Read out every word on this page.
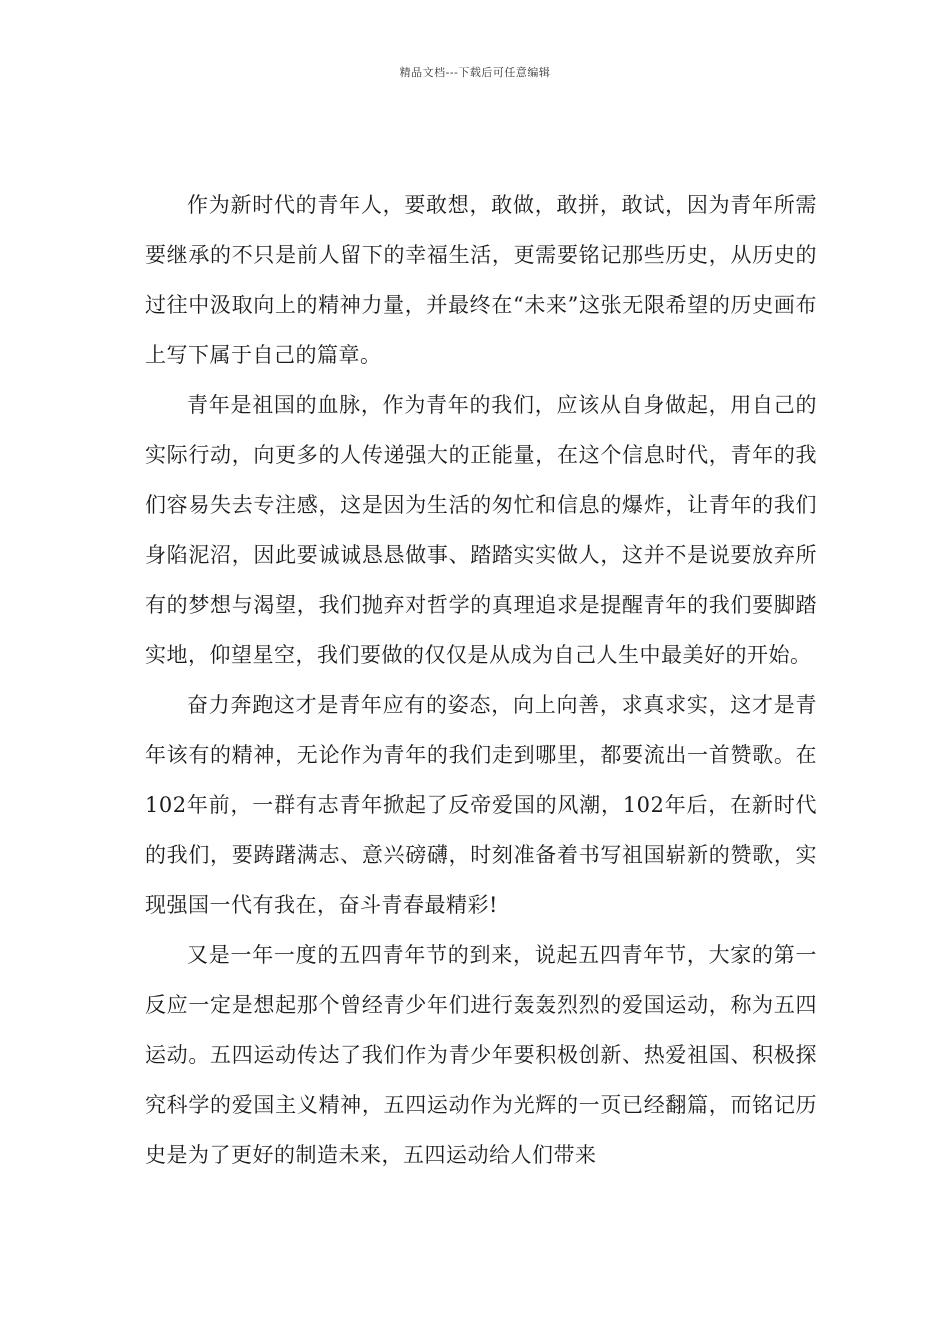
精品文档---下载后可任意编辑

作为新时代的青年人，要敢想，敢做，敢拼，敢试，因为青年所需要继承的不只是前人留下的幸福生活，更需要铭记那些历史，从历史的过往中汲取向上的精神力量，并最终在“未来”这张无限希望的历史画布上写下属于自己的篇章。

青年是祖国的血脉，作为青年的我们，应该从自身做起，用自己的实际行动，向更多的人传递强大的正能量，在这个信息时代，青年的我们容易失去专注感，这是因为生活的匆忙和信息的爆炸，让青年的我们身陷泥沼，因此要诚诚恳恳做事、踏踏实实做人，这并不是说要放弃所有的梦想与渴望，我们抛弃对哲学的真理追求是提醒青年的我们要脚踏实地，仰望星空，我们要做的仅仅是从成为自己人生中最美好的开始。

奋力奔跑这才是青年应有的姿态，向上向善，求真求实，这才是青年该有的精神，无论作为青年的我们走到哪里，都要流出一首赞歌。在102年前，一群有志青年掀起了反帝爱国的风潮，102年后，在新时代的我们，要踌躇满志、意兴磅礴，时刻准备着书写祖国崭新的赞歌，实现强国一代有我在，奋斗青春最精彩!

又是一年一度的五四青年节的到来，说起五四青年节，大家的第一反应一定是想起那个曾经青少年们进行轰轰烈烈的爱国运动，称为五四运动。五四运动传达了我们作为青少年要积极创新、热爱祖国、积极探究科学的爱国主义精神，五四运动作为光辉的一页已经翻篇，而铭记历史是为了更好的制造未来，五四运动给人们带来
